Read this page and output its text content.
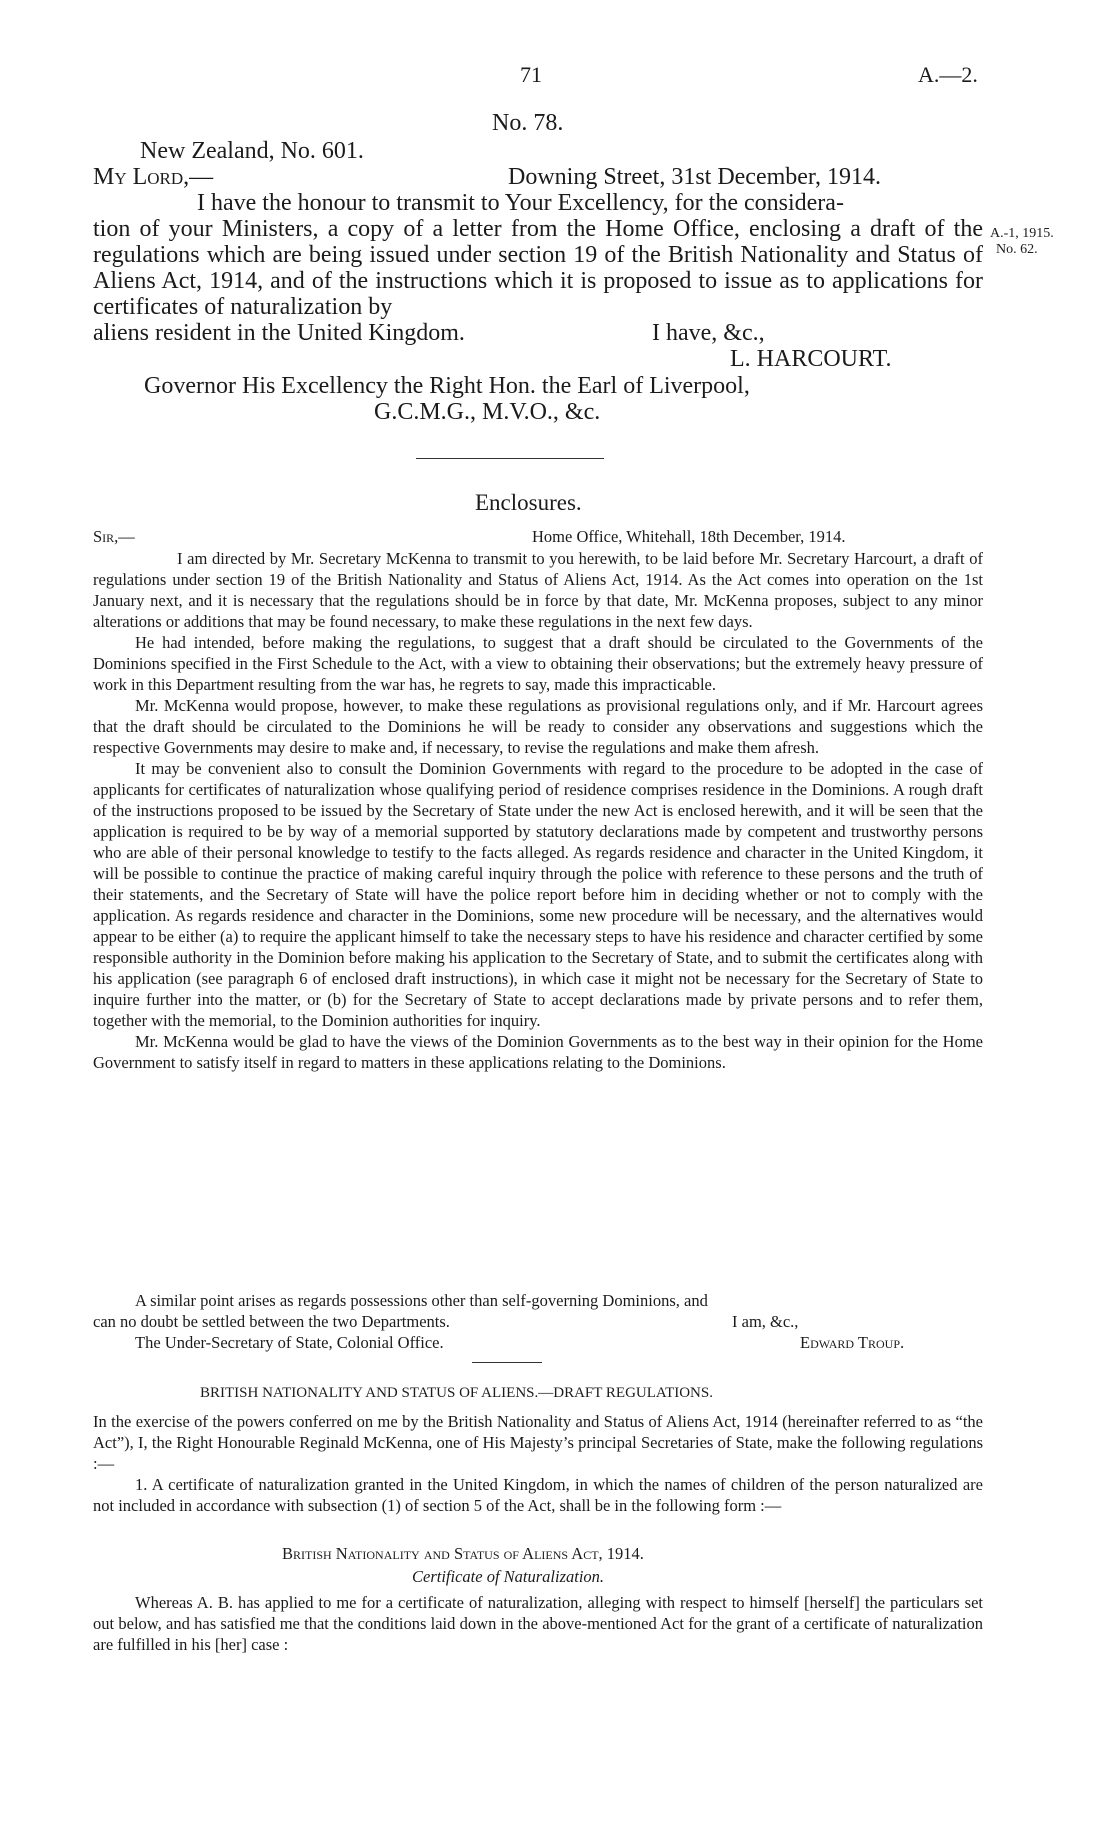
71	A.—2.
No. 78.
New Zealand, No. 601.
My Lord,—	Downing Street, 31st December, 1914.
I have the honour to transmit to Your Excellency, for the considera-
tion of your Ministers, a copy of a letter from the Home Office, enclosing a draft of the regulations which are being issued under section 19 of the British Nationality and Status of Aliens Act, 1914, and of the instructions which it is proposed to issue as to applications for certificates of naturalization by
aliens resident in the United Kingdom.	I have, &c.,
L. HARCOURT.
Governor His Excellency the Right Hon. the Earl of Liverpool,
G.C.M.G., M.V.O., &c.
A.-1, 1915.
No. 62.
Enclosures.
Sir,—	Home Office, Whitehall, 18th December, 1914.

I am directed by Mr. Secretary McKenna to transmit to you herewith, to be laid before Mr. Secretary Harcourt, a draft of regulations under section 19 of the British Nationality and Status of Aliens Act, 1914. As the Act comes into operation on the 1st January next, and it is necessary that the regulations should be in force by that date, Mr. McKenna proposes, subject to any minor alterations or additions that may be found necessary, to make these regulations in the next few days.

He had intended, before making the regulations, to suggest that a draft should be circulated to the Governments of the Dominions specified in the First Schedule to the Act, with a view to obtaining their observations; but the extremely heavy pressure of work in this Department resulting from the war has, he regrets to say, made this impracticable.

Mr. McKenna would propose, however, to make these regulations as provisional regulations only, and if Mr. Harcourt agrees that the draft should be circulated to the Dominions he will be ready to consider any observations and suggestions which the respective Governments may desire to make and, if necessary, to revise the regulations and make them afresh.

It may be convenient also to consult the Dominion Governments with regard to the procedure to be adopted in the case of applicants for certificates of naturalization whose qualifying period of residence comprises residence in the Dominions. A rough draft of the instructions proposed to be issued by the Secretary of State under the new Act is enclosed herewith, and it will be seen that the application is required to be by way of a memorial supported by statutory declarations made by competent and trustworthy persons who are able of their personal knowledge to testify to the facts alleged. As regards residence and character in the United Kingdom, it will be possible to continue the practice of making careful inquiry through the police with reference to these persons and the truth of their statements, and the Secretary of State will have the police report before him in deciding whether or not to comply with the application. As regards residence and character in the Dominions, some new procedure will be necessary, and the alternatives would appear to be either (a) to require the applicant himself to take the necessary steps to have his residence and character certified by some responsible authority in the Dominion before making his application to the Secretary of State, and to submit the certificates along with his application (see paragraph 6 of enclosed draft instructions), in which case it might not be necessary for the Secretary of State to inquire further into the matter, or (b) for the Secretary of State to accept declarations made by private persons and to refer them, together with the memorial, to the Dominion authorities for inquiry.

Mr. McKenna would be glad to have the views of the Dominion Governments as to the best way in their opinion for the Home Government to satisfy itself in regard to matters in these applications relating to the Dominions.

A similar point arises as regards possessions other than self-governing Dominions, and
can no doubt be settled between the two Departments.	I am, &c.,
The Under-Secretary of State, Colonial Office.	Edward Troup.
BRITISH NATIONALITY AND STATUS OF ALIENS.—DRAFT REGULATIONS.
In the exercise of the powers conferred on me by the British Nationality and Status of Aliens Act, 1914 (hereinafter referred to as “the Act”), I, the Right Honourable Reginald McKenna, one of His Majesty’s principal Secretaries of State, make the following regulations :—
1. A certificate of naturalization granted in the United Kingdom, in which the names of children of the person naturalized are not included in accordance with subsection (1) of section 5 of the Act, shall be in the following form :—
British Nationality and Status of Aliens Act, 1914.
Certificate of Naturalization.
Whereas A. B. has applied to me for a certificate of naturalization, alleging with respect to himself [herself] the particulars set out below, and has satisfied me that the conditions laid down in the above-mentioned Act for the grant of a certificate of naturalization are fulfilled in his [her] case :
